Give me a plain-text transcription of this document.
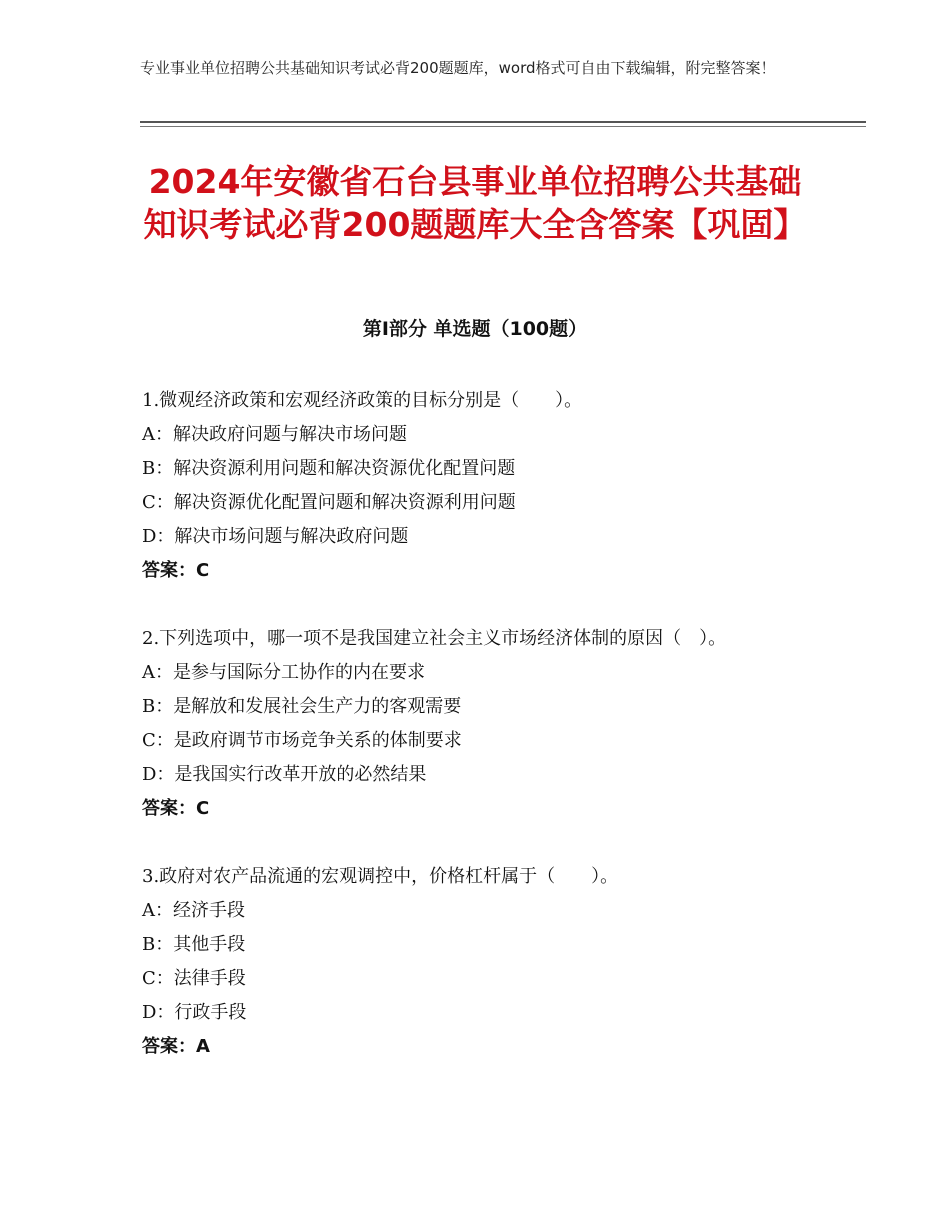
专业事业单位招聘公共基础知识考试必背200题题库，word格式可自由下载编辑，附完整答案！
2024年安徽省石台县事业单位招聘公共基础知识考试必背200题题库大全含答案【巩固】
第Ⅰ部分 单选题（100题）

1.微观经济政策和宏观经济政策的目标分别是（　　）。

A：解决政府问题与解决市场问题

B：解决资源利用问题和解决资源优化配置问题

C：解决资源优化配置问题和解决资源利用问题

D：解决市场问题与解决政府问题

答案：C

2.下列选项中，哪一项不是我国建立社会主义市场经济体制的原因（　）。

A：是参与国际分工协作的内在要求

B：是解放和发展社会生产力的客观需要

C：是政府调节市场竞争关系的体制要求

D：是我国实行改革开放的必然结果

答案：C

3.政府对农产品流通的宏观调控中，价格杠杆属于（　　）。

A：经济手段

B：其他手段

C：法律手段

D：行政手段

答案：A
